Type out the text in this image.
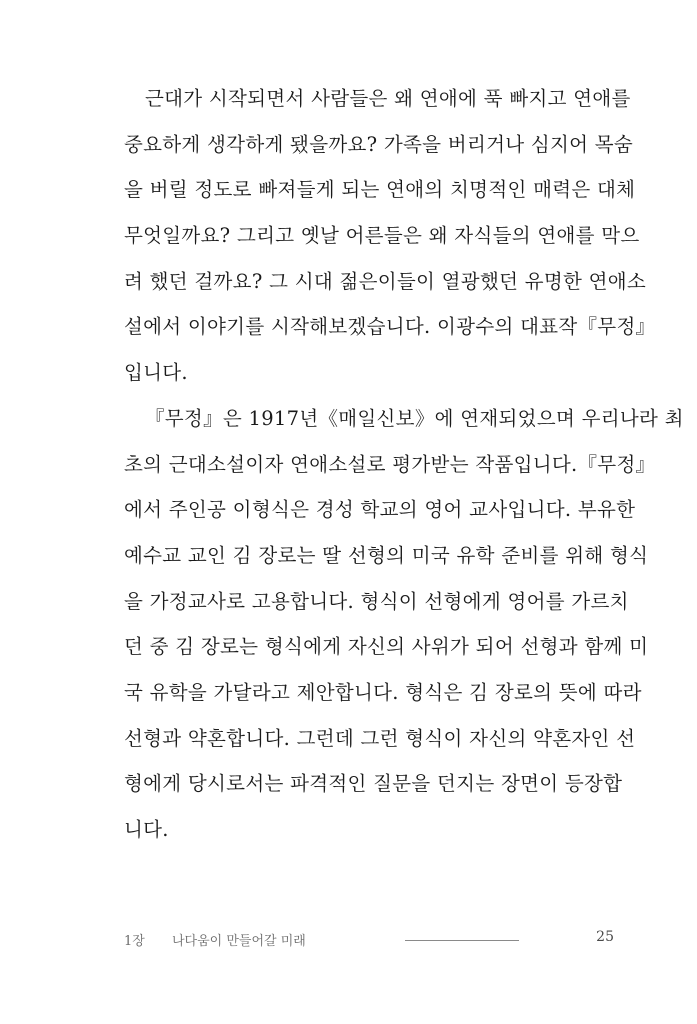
근대가 시작되면서 사람들은 왜 연애에 푹 빠지고 연애를
중요하게 생각하게 됐을까요? 가족을 버리거나 심지어 목숨
을 버릴 정도로 빠져들게 되는 연애의 치명적인 매력은 대체
무엇일까요? 그리고 옛날 어른들은 왜 자식들의 연애를 막으
려 했던 걸까요? 그 시대 젊은이들이 열광했던 유명한 연애소
설에서 이야기를 시작해보겠습니다. 이광수의 대표작『무정』
입니다.
『무정』은 1917년《매일신보》에 연재되었으며 우리나라 최
초의 근대소설이자 연애소설로 평가받는 작품입니다.『무정』
에서 주인공 이형식은 경성 학교의 영어 교사입니다. 부유한
예수교 교인 김 장로는 딸 선형의 미국 유학 준비를 위해 형식
을 가정교사로 고용합니다. 형식이 선형에게 영어를 가르치
던 중 김 장로는 형식에게 자신의 사위가 되어 선형과 함께 미
국 유학을 가달라고 제안합니다. 형식은 김 장로의 뜻에 따라
선형과 약혼합니다. 그런데 그런 형식이 자신의 약혼자인 선
형에게 당시로서는 파격적인 질문을 던지는 장면이 등장합
니다.
1장 나다움이 만들어갈 미래	25
